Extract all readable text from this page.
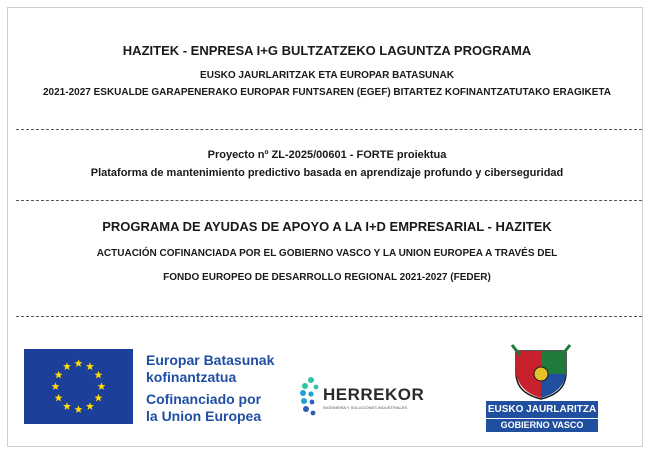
HAZITEK - ENPRESA I+G BULTZATZEKO LAGUNTZA PROGRAMA
EUSKO JAURLARITZAK ETA EUROPAR BATASUNAK
2021-2027 ESKUALDE GARAPENERAKO EUROPAR FUNTSAREN (EGEF) BITARTEZ KOFINANTZATUTAKO ERAGIKETA
Proyecto nº ZL-2025/00601 - FORTE proiektua
Plataforma de mantenimiento predictivo basada en aprendizaje profundo y ciberseguridad
PROGRAMA DE AYUDAS DE APOYO A LA I+D EMPRESARIAL - HAZITEK
ACTUACIÓN COFINANCIADA POR EL GOBIERNO VASCO Y LA UNION EUROPEA A TRAVÉS DEL
FONDO EUROPEO DE DESARROLLO REGIONAL 2021-2027 (FEDER)
Europar Batasunak
kofinantzatua
Cofinanciado por
la Union Europea
HERREKOR
INGENIERÍA Y SOLUCIONES INDUSTRIALES	EUSKO JAURLARITZA
GOBIERNO VASCO
